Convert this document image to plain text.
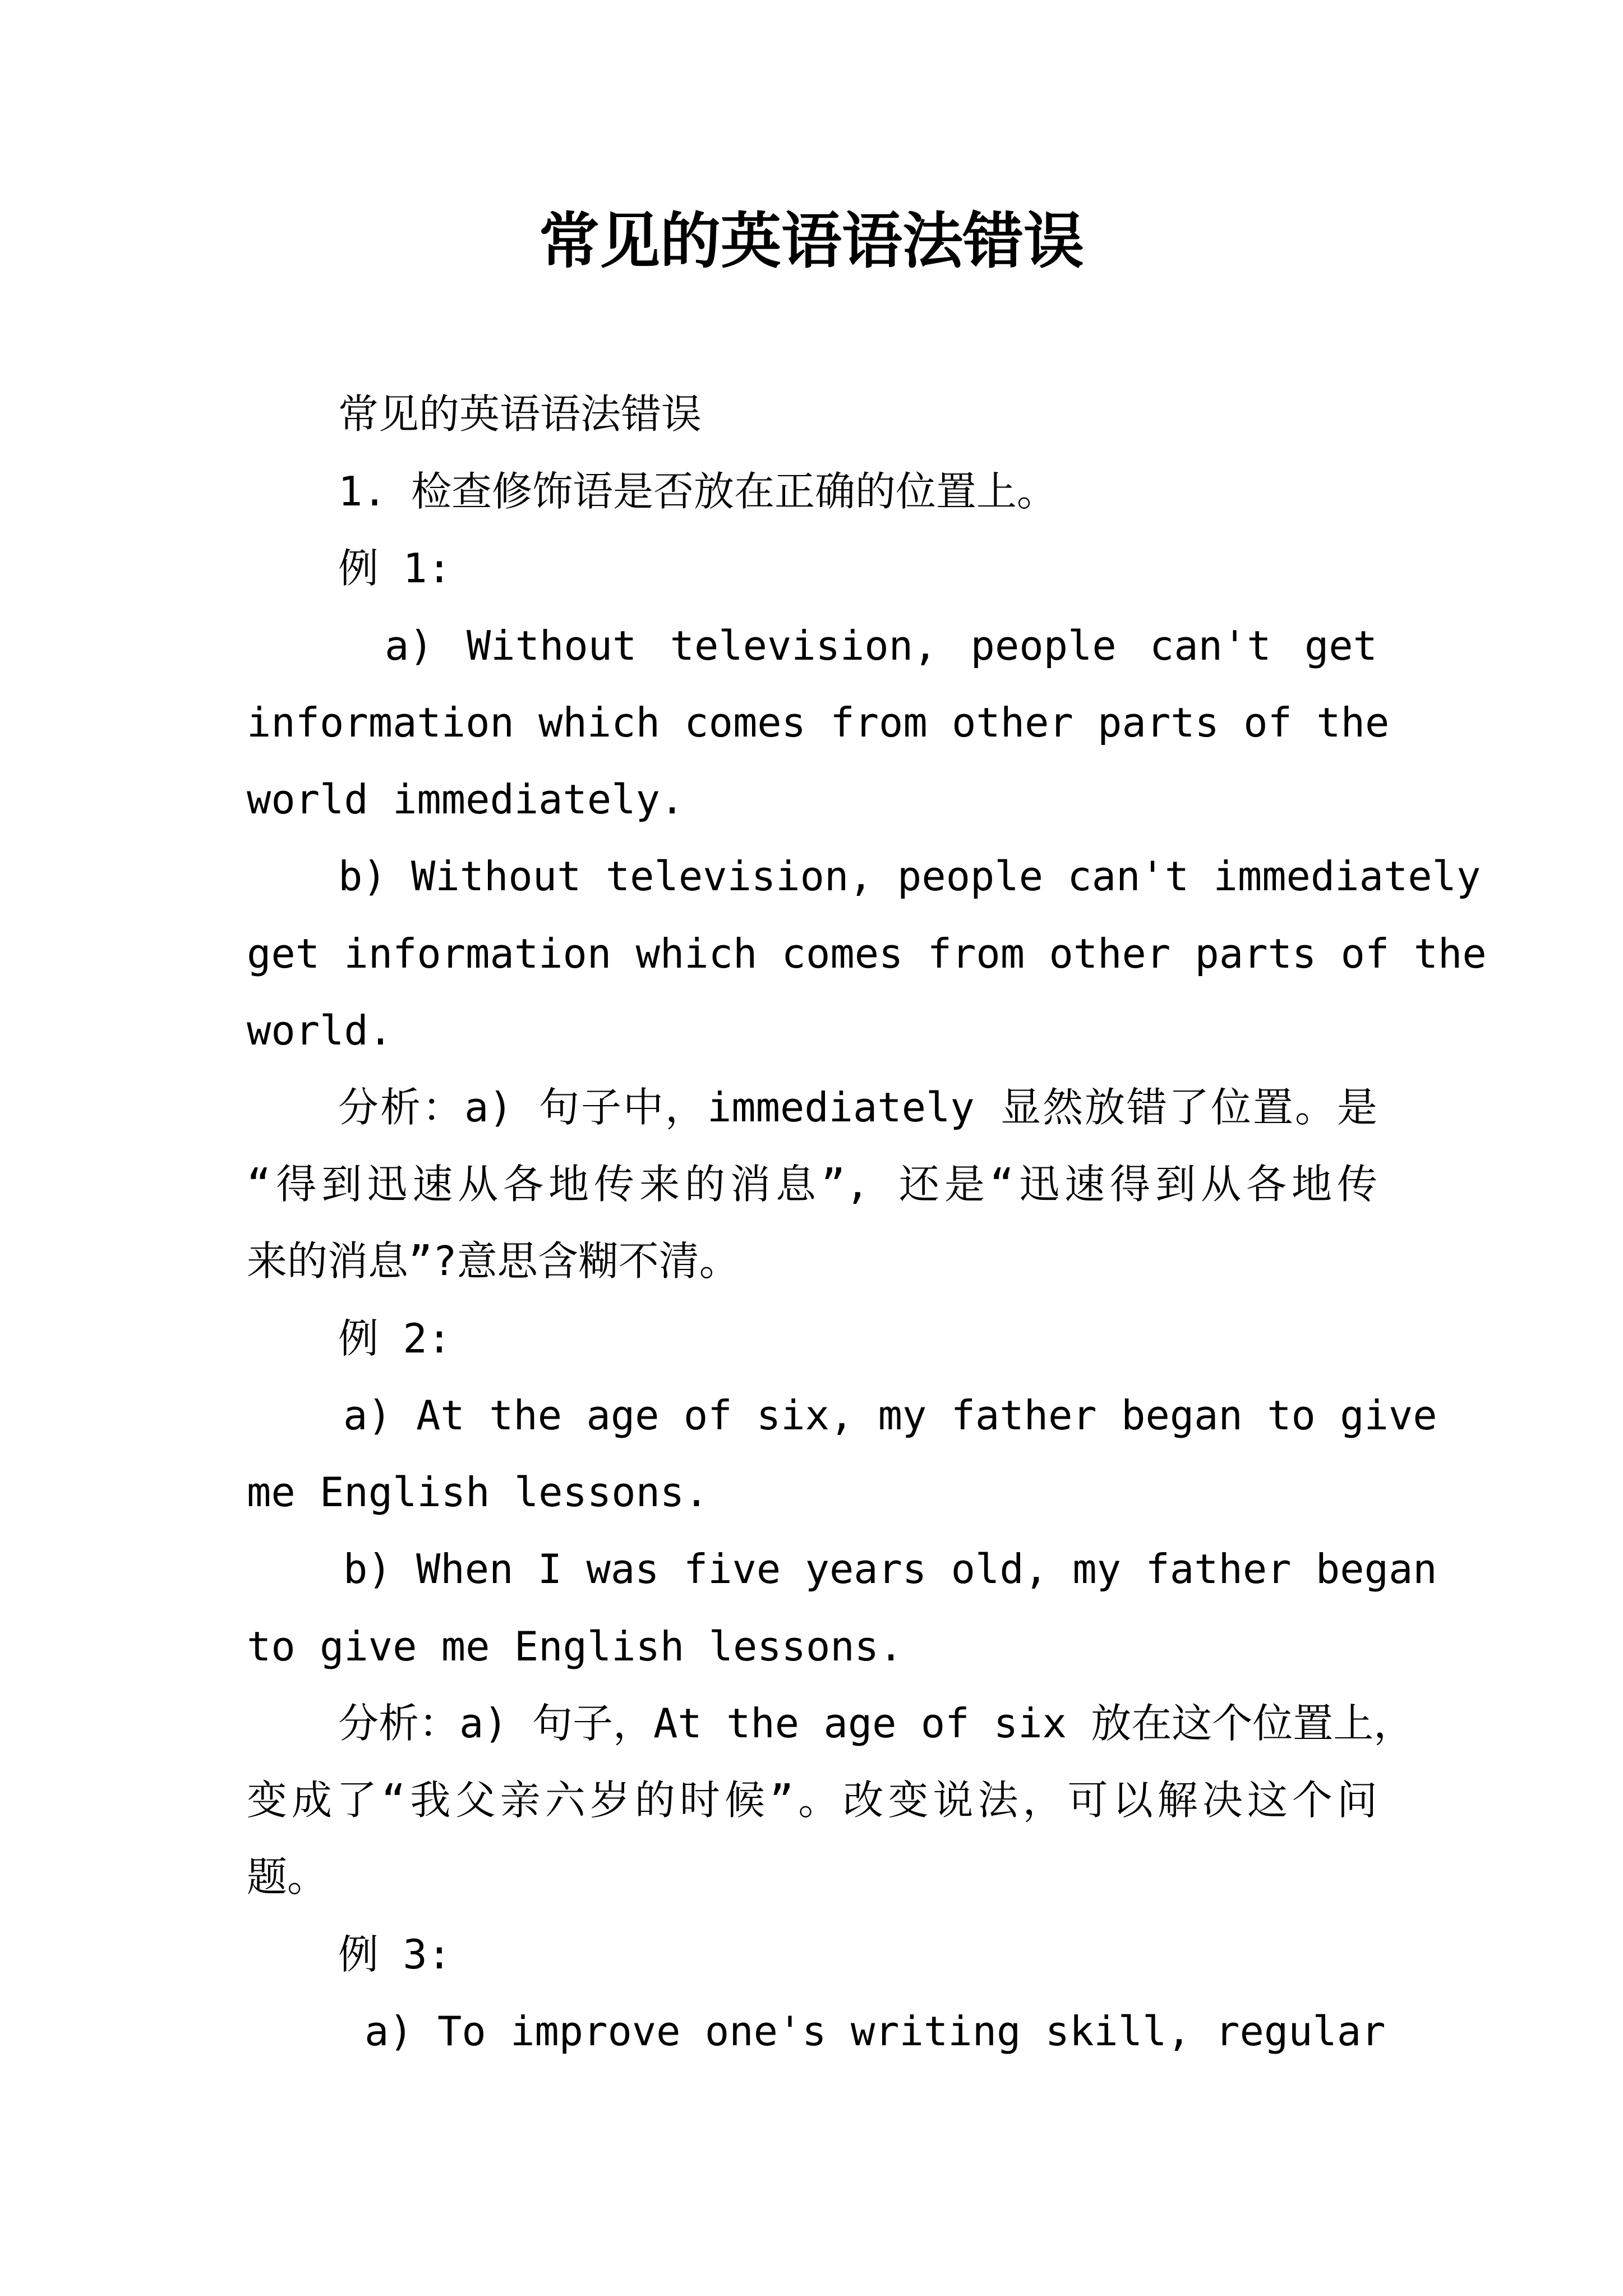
常见的英语语法错误

常见的英语语法错误

1. 检查修饰语是否放在正确的位置上。

例 1:

a) Without television, people can't get

information which comes from other parts of the

world immediately.

b) Without television, people can't immediately

get information which comes from other parts of the

world.

分析：a) 句子中，immediately 显然放错了位置。是

“得到迅速从各地传来的消息”, 还是“迅速得到从各地传

来的消息”?意思含糊不清。

例 2:

a) At the age of six, my father began to give

me English lessons.

b) When I was five years old, my father began

to give me English lessons.

分析：a) 句子，At the age of six 放在这个位置上，

变成了“我父亲六岁的时候”。改变说法，可以解决这个问

题。

例 3:

a) To improve one's writing skill, regular
